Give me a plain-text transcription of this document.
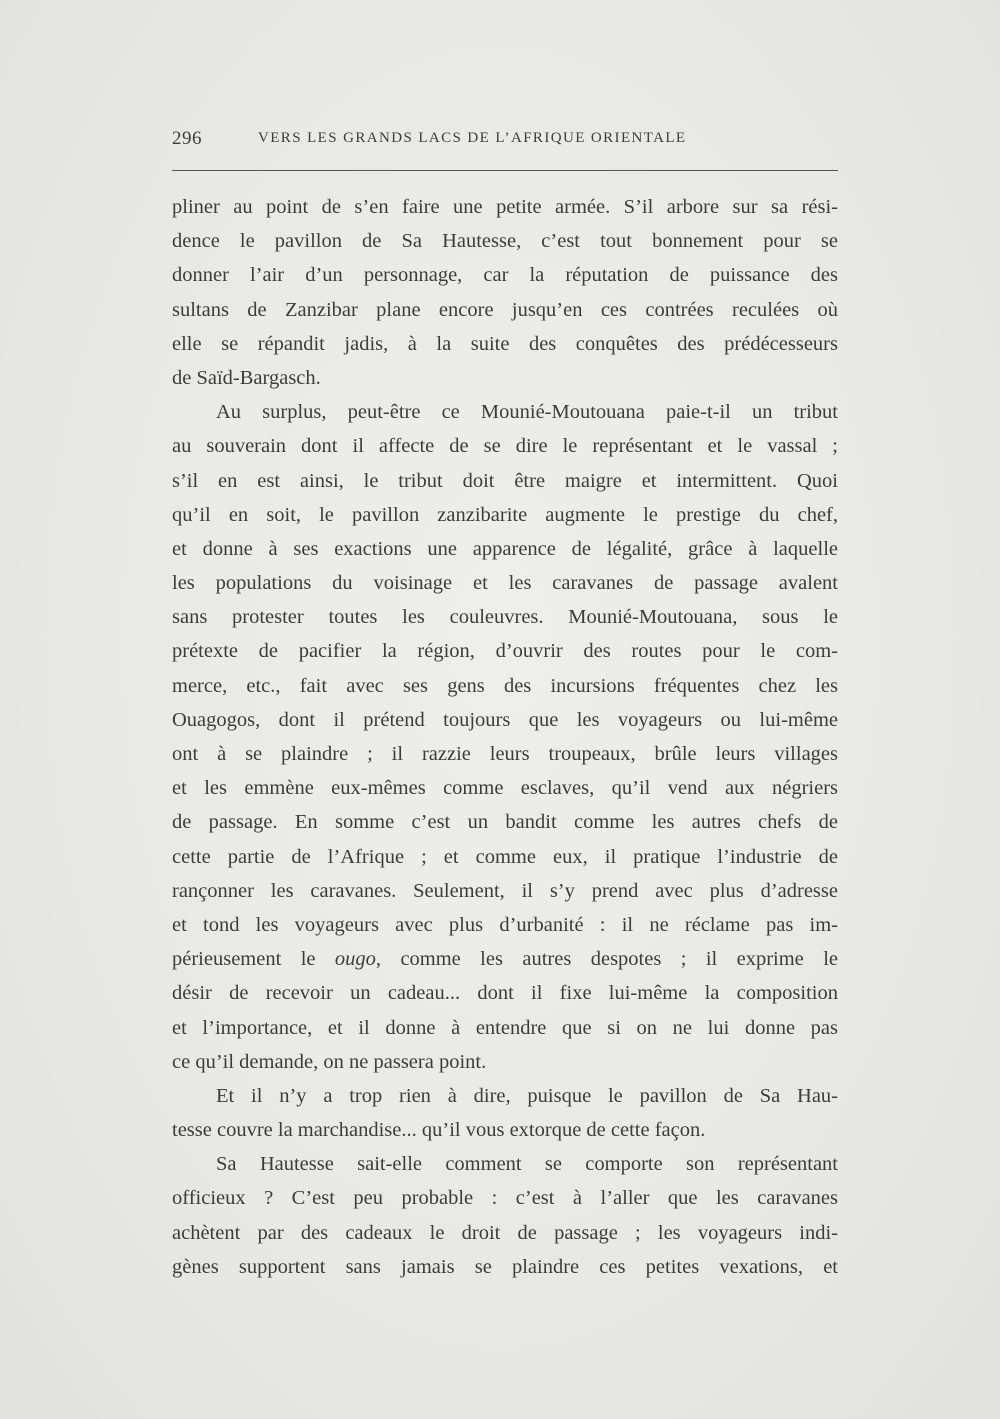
296	VERS LES GRANDS LACS DE L’AFRIQUE ORIENTALE
pliner au point de s’en faire une petite armée. S’il arbore sur sa rési-
dence le pavillon de Sa Hautesse, c’est tout bonnement pour se
donner l’air d’un personnage, car la réputation de puissance des
sultans de Zanzibar plane encore jusqu’en ces contrées reculées où
elle se répandit jadis, à la suite des conquêtes des prédécesseurs
de Saïd-Bargasch.
Au surplus, peut-être ce Mounié-Moutouana paie-t-il un tribut
au souverain dont il affecte de se dire le représentant et le vassal ;
s’il en est ainsi, le tribut doit être maigre et intermittent. Quoi
qu’il en soit, le pavillon zanzibarite augmente le prestige du chef,
et donne à ses exactions une apparence de légalité, grâce à laquelle
les populations du voisinage et les caravanes de passage avalent
sans protester toutes les couleuvres. Mounié-Moutouana, sous le
prétexte de pacifier la région, d’ouvrir des routes pour le com-
merce, etc., fait avec ses gens des incursions fréquentes chez les
Ouagogos, dont il prétend toujours que les voyageurs ou lui-même
ont à se plaindre ; il razzie leurs troupeaux, brûle leurs villages
et les emmène eux-mêmes comme esclaves, qu’il vend aux négriers
de passage. En somme c’est un bandit comme les autres chefs de
cette partie de l’Afrique ; et comme eux, il pratique l’industrie de
rançonner les caravanes. Seulement, il s’y prend avec plus d’adresse
et tond les voyageurs avec plus d’urbanité : il ne réclame pas im-
périeusement le ougo, comme les autres despotes ; il exprime le
désir de recevoir un cadeau... dont il fixe lui-même la composition
et l’importance, et il donne à entendre que si on ne lui donne pas
ce qu’il demande, on ne passera point.
Et il n’y a trop rien à dire, puisque le pavillon de Sa Hau-
tesse couvre la marchandise... qu’il vous extorque de cette façon.
Sa Hautesse sait-elle comment se comporte son représentant
officieux ? C’est peu probable : c’est à l’aller que les caravanes
achètent par des cadeaux le droit de passage ; les voyageurs indi-
gènes supportent sans jamais se plaindre ces petites vexations, et
